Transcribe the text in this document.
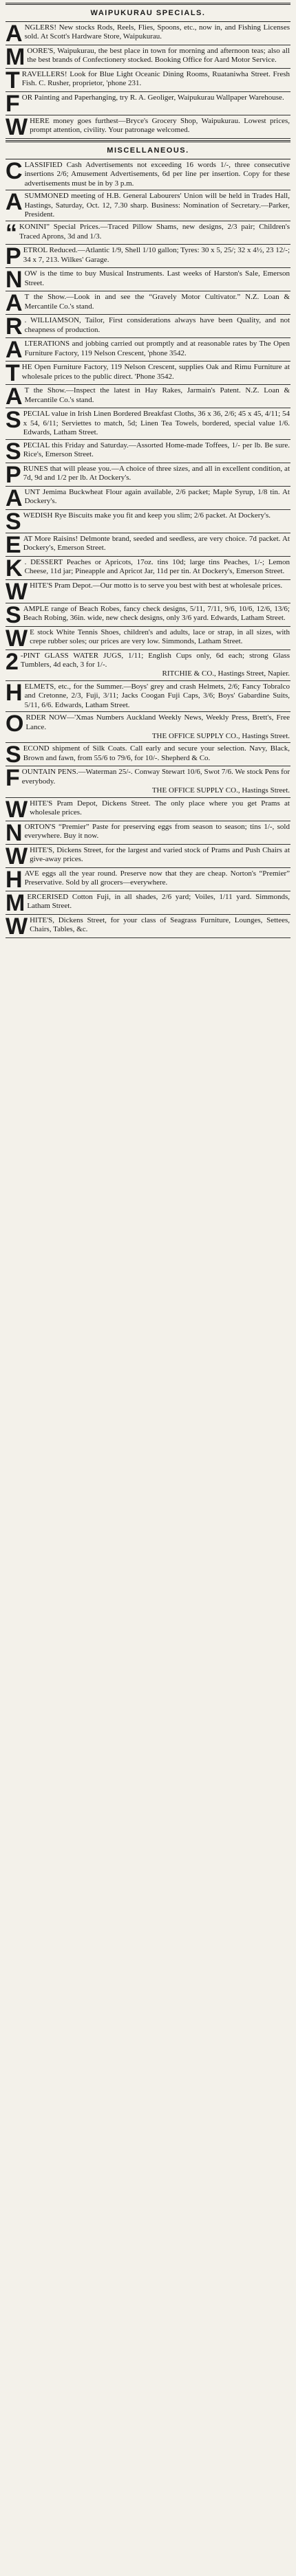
WAIPUKURAU SPECIALS.
A NGLERS! New stocks Rods, Reels, Flies, Spoons, etc., now in, and Fishing Licenses sold. At Scott's Hardware Store, Waipukurau.
M OORE'S, Waipukurau, the best place in town for morning and afternoon teas; also all the best brands of Confectionery stocked. Booking Office for Aard Motor Service.
T RAVELLERS! Look for Blue Light Oceanic Dining Rooms, Ruataniwha Street. Fresh Fish. C. Rusher, proprietor, 'phone 231.
F OR Painting and Paperhanging, try R. A. Geoliger, Waipukurau Wallpaper Warehouse.
W HERE money goes furthest—Bryce's Grocery Shop, Waipukurau. Lowest prices, prompt attention, civility. Your patronage welcomed.
MISCELLANEOUS.
C LASSIFIED Cash Advertisements not exceeding 16 words 1/-, three consecutive insertions 2/6; Amusement Advertisements, 6d per line per insertion. Copy for these advertisements must be in by 3 p.m.
A SUMMONED meeting of H.B. General Labourers' Union will be held in Trades Hall, Hastings, Saturday, Oct. 12, 7.30 sharp. Business: Nomination of Secretary.—Parker, President.
“ KONINI” Special Prices.—Traced Pillow Shams, new designs, 2/3 pair; Children's Traced Aprons, 3d and 1/3.
P ETROL Reduced.—Atlantic 1/9, Shell 1/10 gallon; Tyres: 30 x 5, 25/; 32 x 4½, 23 12/-; 34 x 7, 213. Wilkes' Garage.
N OW is the time to buy Musical Instruments. Last weeks of Harston's Sale, Emerson Street.
A T the Show.—Look in and see the “Gravely Motor Cultivator.” N.Z. Loan & Mercantile Co.'s stand.
R . WILLIAMSON, Tailor, First considerations always have been Quality, and not cheapness of production.
A LTERATIONS and jobbing carried out promptly and at reasonable rates by The Open Furniture Factory, 119 Nelson Crescent, 'phone 3542.
T HE Open Furniture Factory, 119 Nelson Crescent, supplies Oak and Rimu Furniture at wholesale prices to the public direct. 'Phone 3542.
A T the Show.—Inspect the latest in Hay Rakes, Jarmain's Patent. N.Z. Loan & Mercantile Co.'s stand.
S PECIAL value in Irish Linen Bordered Breakfast Cloths, 36 x 36, 2/6; 45 x 45, 4/11; 54 x 54, 6/11; Serviettes to match, 5d; Linen Tea Towels, bordered, special value 1/6. Edwards, Latham Street.
S PECIAL this Friday and Saturday.—Assorted Home-made Toffees, 1/- per lb. Be sure. Rice's, Emerson Street.
P RUNES that will please you.—A choice of three sizes, and all in excellent condition, at 7d, 9d and 1/2 per lb. At Dockery's.
A UNT Jemima Buckwheat Flour again available, 2/6 packet; Maple Syrup, 1/8 tin. At Dockery's.
S WEDISH Rye Biscuits make you fit and keep you slim; 2/6 packet. At Dockery's.
E AT More Raisins! Delmonte brand, seeded and seedless, are very choice. 7d packet. At Dockery's, Emerson Street.
K . DESSERT Peaches or Apricots, 17oz. tins 10d; large tins Peaches, 1/-; Lemon Cheese, 11d jar; Pineapple and Apricot Jar, 11d per tin. At Dockery's, Emerson Street.
W HITE'S Pram Depot.—Our motto is to serve you best with best at wholesale prices.
S AMPLE range of Beach Robes, fancy check designs, 5/11, 7/11, 9/6, 10/6, 12/6, 13/6; Beach Robing, 36in. wide, new check designs, only 3/6 yard. Edwards, Latham Street.
W E stock White Tennis Shoes, children's and adults, lace or strap, in all sizes, with crepe rubber soles; our prices are very low. Simmonds, Latham Street.
2 -PINT GLASS WATER JUGS, 1/11; English Cups only, 6d each; strong Glass Tumblers, 4d each, 3 for 1/-.
RITCHIE & CO., Hastings Street, Napier.
H ELMETS, etc., for the Summer.—Boys' grey and crash Helmets, 2/6; Fancy Tobralco and Cretonne, 2/3, Fuji, 3/11; Jacks Coogan Fuji Caps, 3/6; Boys' Gabardine Suits, 5/11, 6/6. Edwards, Latham Street.
O RDER NOW—'Xmas Numbers Auckland Weekly News, Weekly Press, Brett's, Free Lance.
THE OFFICE SUPPLY CO., Hastings Street.
S ECOND shipment of Silk Coats. Call early and secure your selection. Navy, Black, Brown and fawn, from 55/6 to 79/6, for 10/-. Shepherd & Co.
F OUNTAIN PENS.—Waterman 25/-. Conway Stewart 10/6, Swot 7/6. We stock Pens for everybody.
THE OFFICE SUPPLY CO., Hastings Street.
W HITE'S Pram Depot, Dickens Street. The only place where you get Prams at wholesale prices.
N ORTON'S “Premier” Paste for preserving eggs from season to season; tins 1/-, sold everywhere. Buy it now.
W HITE'S, Dickens Street, for the largest and varied stock of Prams and Push Chairs at give-away prices.
H AVE eggs all the year round. Preserve now that they are cheap. Norton's “Premier” Preservative. Sold by all grocers—everywhere.
M ERCERISED Cotton Fuji, in all shades, 2/6 yard; Voiles, 1/11 yard. Simmonds, Latham Street.
W HITE'S, Dickens Street, for your class of Seagrass Furniture, Lounges, Settees, Chairs, Tables, &c.
